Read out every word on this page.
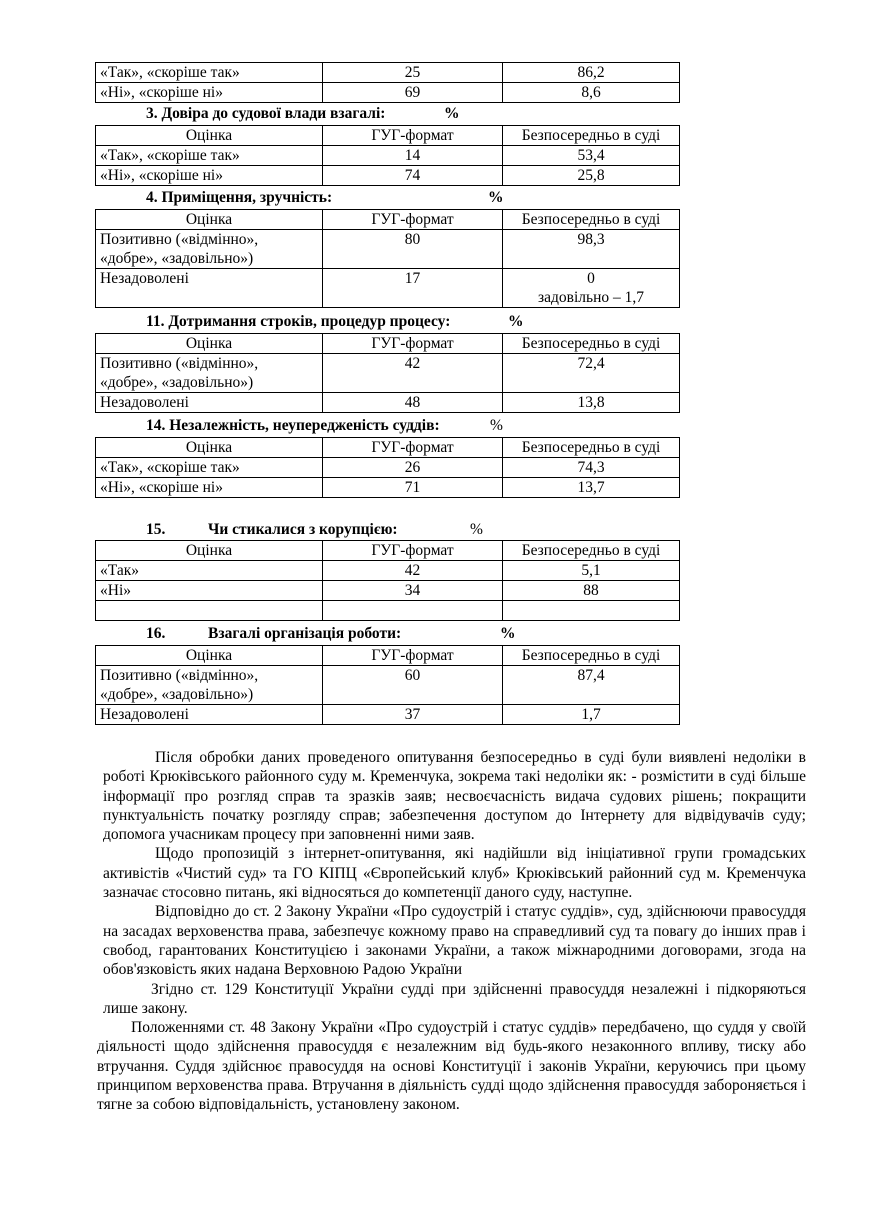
«Так», «скоріше так»	25	86,2
«Ні», «скоріше ні»	69	8,6
3. Довіра до судової влади взагалі:	%
Оцінка	ГУГ-формат	Безпосередньо в суді
«Так», «скоріше так»	14	53,4
«Ні», «скоріше ні»	74	25,8
4. Приміщення, зручність:	%
Оцінка	ГУГ-формат	Безпосередньо в суді
Позитивно («відмінно»,
«добре», «задовільно»)	80	98,3
Незадоволені	17	0
задовільно – 1,7
11. Дотримання строків, процедур процесу:	%
Оцінка	ГУГ-формат	Безпосередньо в суді
Позитивно («відмінно»,
«добре», «задовільно»)	42	72,4
Незадоволені	48	13,8
14. Незалежність, неупередженість суддів:	%
Оцінка	ГУГ-формат	Безпосередньо в суді
«Так», «скоріше так»	26	74,3
«Ні», «скоріше ні»	71	13,7
15.	Чи стикалися з корупцією:	%
Оцінка	ГУГ-формат	Безпосередньо в суді
«Так»	42	5,1
«Ні»	34	88

16.	Взагалі організація роботи:	%
Оцінка	ГУГ-формат	Безпосередньо в суді
Позитивно («відмінно»,
«добре», «задовільно»)	60	87,4
Незадоволені	37	1,7

Після обробки даних проведеного опитування безпосередньо в суді були виявлені недоліки в роботі Крюківського районного суду м. Кременчука, зокрема такі недоліки як: - розмістити в суді більше інформації про розгляд справ та зразків заяв; несвоєчасність видача судових рішень; покращити пунктуальність початку розгляду справ; забезпечення доступом до Інтернету для відвідувачів суду; допомога учасникам процесу при заповненні ними заяв.

Щодо пропозицій з інтернет-опитування, які надійшли від ініціативної групи громадських активістів «Чистий суд» та ГО КІПЦ «Європейський клуб» Крюківський районний суд м. Кременчука зазначає стосовно питань, які відносяться до компетенції даного суду, наступне.

Відповідно до ст. 2 Закону України «Про судоустрій і статус суддів», суд, здійснюючи правосуддя на засадах верховенства права, забезпечує кожному право на справедливий суд та повагу до інших прав і свобод, гарантованих Конституцією і законами України, а також міжнародними договорами, згода на обов'язковість яких надана Верховною Радою України

Згідно ст. 129 Конституції України судді при здійсненні правосуддя незалежні і підкоряються лише закону.

Положеннями ст. 48 Закону України «Про судоустрій і статус суддів» передбачено, що суддя у своїй діяльності щодо здійснення правосуддя є незалежним від будь-якого незаконного впливу, тиску або втручання. Суддя здійснює правосуддя на основі Конституції і законів України, керуючись при цьому принципом верховенства права. Втручання в діяльність судді щодо здійснення правосуддя забороняється і тягне за собою відповідальність, установлену законом.
